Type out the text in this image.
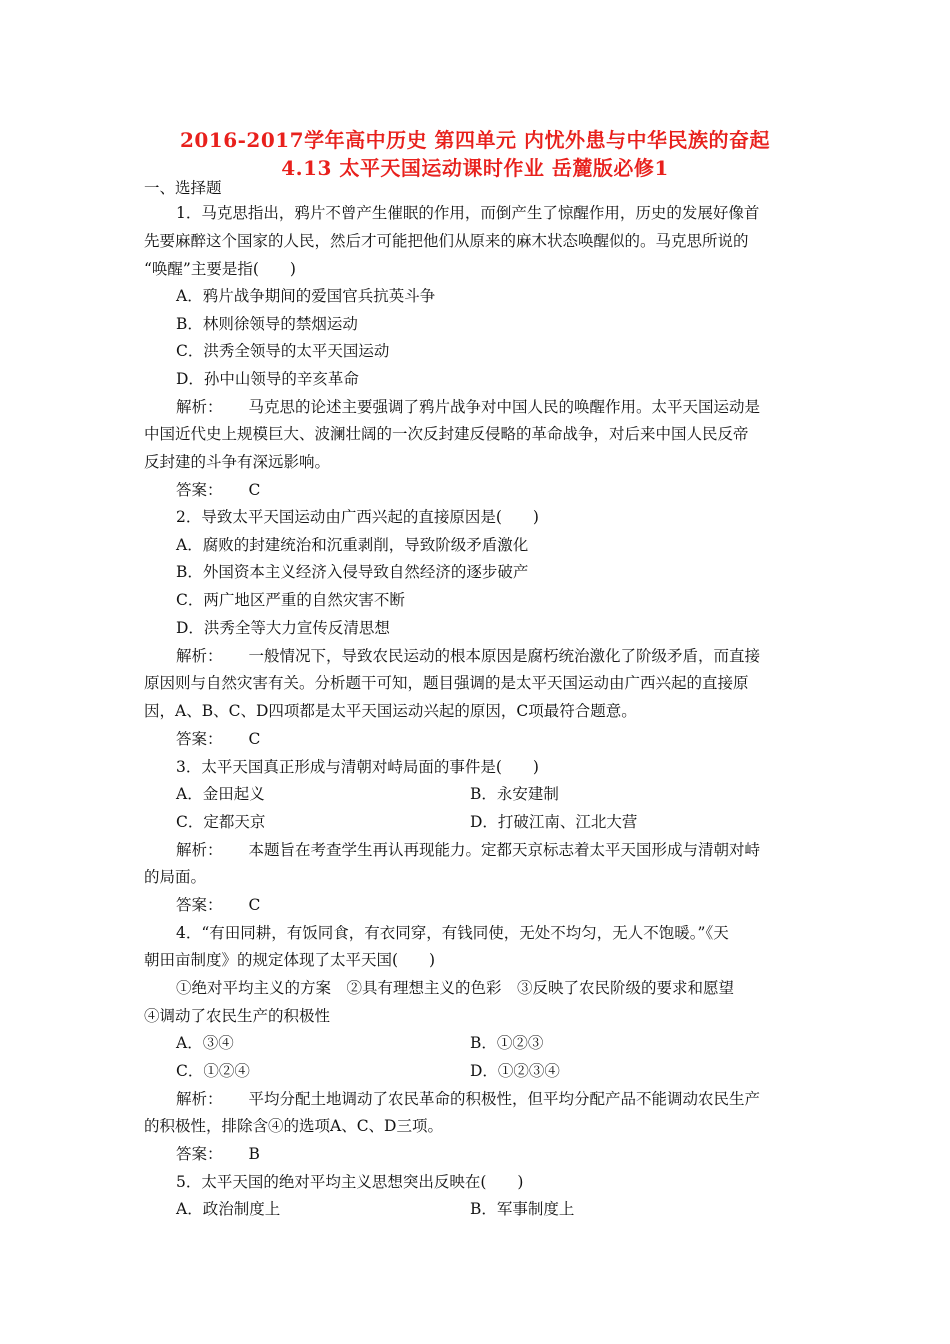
2016-2017学年高中历史 第四单元 内忧外患与中华民族的奋起
4.13 太平天国运动课时作业 岳麓版必修1
一、选择题
1．马克思指出，鸦片不曾产生催眠的作用，而倒产生了惊醒作用，历史的发展好像首
先要麻醉这个国家的人民，然后才可能把他们从原来的麻木状态唤醒似的。马克思所说的
“唤醒”主要是指(　　)
A．鸦片战争期间的爱国官兵抗英斗争
B．林则徐领导的禁烟运动
C．洪秀全领导的太平天国运动
D．孙中山领导的辛亥革命
解析： 马克思的论述主要强调了鸦片战争对中国人民的唤醒作用。太平天国运动是
中国近代史上规模巨大、波澜壮阔的一次反封建反侵略的革命战争，对后来中国人民反帝
反封建的斗争有深远影响。
答案： C
2．导致太平天国运动由广西兴起的直接原因是(　　)
A．腐败的封建统治和沉重剥削，导致阶级矛盾激化
B．外国资本主义经济入侵导致自然经济的逐步破产
C．两广地区严重的自然灾害不断
D．洪秀全等大力宣传反清思想
解析： 一般情况下，导致农民运动的根本原因是腐朽统治激化了阶级矛盾，而直接
原因则与自然灾害有关。分析题干可知，题目强调的是太平天国运动由广西兴起的直接原
因，A、B、C、D四项都是太平天国运动兴起的原因，C项最符合题意。
答案： C
3．太平天国真正形成与清朝对峙局面的事件是(　　)
A．金田起义	B．永安建制
C．定都天京	D．打破江南、江北大营
解析： 本题旨在考查学生再认再现能力。定都天京标志着太平天国形成与清朝对峙
的局面。
答案： C
4．“有田同耕，有饭同食，有衣同穿，有钱同使，无处不均匀，无人不饱暖。”《天
朝田亩制度》的规定体现了太平天国(　　)
①绝对平均主义的方案　②具有理想主义的色彩　③反映了农民阶级的要求和愿望
④调动了农民生产的积极性
A．③④	B．①②③
C．①②④	D．①②③④
解析： 平均分配土地调动了农民革命的积极性，但平均分配产品不能调动农民生产
的积极性，排除含④的选项A、C、D三项。
答案： B
5．太平天国的绝对平均主义思想突出反映在(　　)
A．政治制度上	B．军事制度上
